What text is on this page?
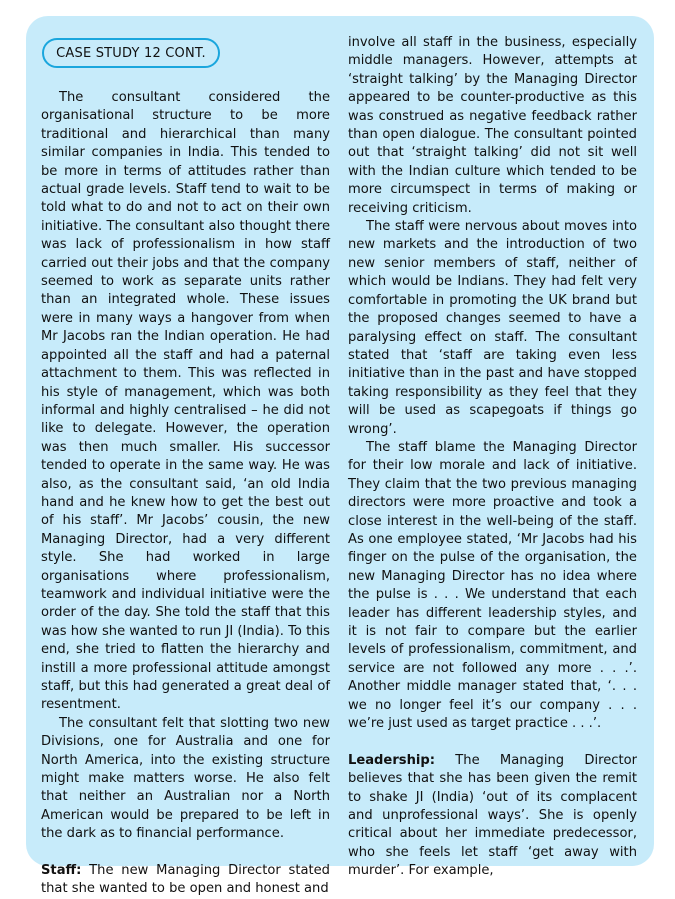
CASE STUDY 12 CONT.

The consultant considered the organisational structure to be more traditional and hierarchical than many similar companies in India. This tended to be more in terms of attitudes rather than actual grade levels. Staff tend to wait to be told what to do and not to act on their own initiative. The consultant also thought there was lack of professionalism in how staff carried out their jobs and that the company seemed to work as separate units rather than an integrated whole. These issues were in many ways a hangover from when Mr Jacobs ran the Indian operation. He had appointed all the staff and had a paternal attachment to them. This was reflected in his style of management, which was both informal and highly centralised – he did not like to delegate. However, the operation was then much smaller. His successor tended to operate in the same way. He was also, as the consultant said, ‘an old India hand and he knew how to get the best out of his staff’. Mr Jacobs’ cousin, the new Managing Director, had a very different style. She had worked in large organisations where professionalism, teamwork and individual initiative were the order of the day. She told the staff that this was how she wanted to run JI (India). To this end, she tried to flatten the hierarchy and instill a more professional attitude amongst staff, but this had generated a great deal of resentment.

The consultant felt that slotting two new Divisions, one for Australia and one for North America, into the existing structure might make matters worse. He also felt that neither an Australian nor a North American would be prepared to be left in the dark as to financial performance.

Staff: The new Managing Director stated that she wanted to be open and honest and

involve all staff in the business, especially middle managers. However, attempts at ‘straight talking’ by the Managing Director appeared to be counter-productive as this was construed as negative feedback rather than open dialogue. The consultant pointed out that ‘straight talking’ did not sit well with the Indian culture which tended to be more circumspect in terms of making or receiving criticism.

The staff were nervous about moves into new markets and the introduction of two new senior members of staff, neither of which would be Indians. They had felt very comfortable in promoting the UK brand but the proposed changes seemed to have a paralysing effect on staff. The consultant stated that ‘staff are taking even less initiative than in the past and have stopped taking responsibility as they feel that they will be used as scapegoats if things go wrong’.

The staff blame the Managing Director for their low morale and lack of initiative. They claim that the two previous managing directors were more proactive and took a close interest in the well-being of the staff. As one employee stated, ‘Mr Jacobs had his finger on the pulse of the organisation, the new Managing Director has no idea where the pulse is . . . We understand that each leader has different leadership styles, and it is not fair to compare but the earlier levels of professionalism, commitment, and service are not followed any more . . .’. Another middle manager stated that, ‘. . . we no longer feel it’s our company . . . we’re just used as target practice . . .’.

Leadership: The Managing Director believes that she has been given the remit to shake JI (India) ‘out of its complacent and unprofessional ways’. She is openly critical about her immediate predecessor, who she feels let staff ‘get away with murder’. For example,
